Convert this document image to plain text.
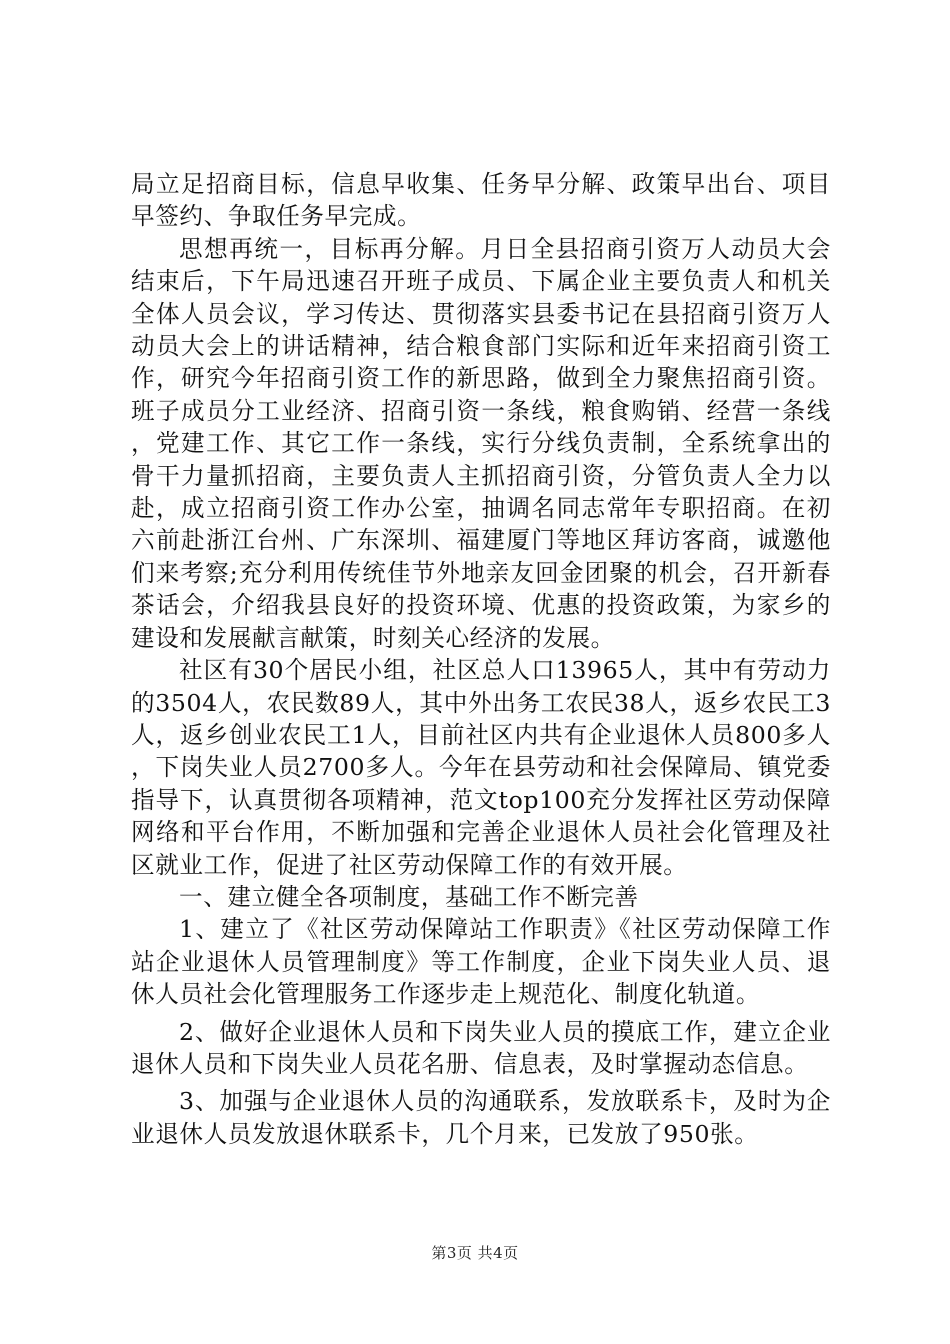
局立足招商目标，信息早收集、任务早分解、政策早出台、项目早签约、争取任务早完成。

思想再统一，目标再分解。月日全县招商引资万人动员大会结束后，下午局迅速召开班子成员、下属企业主要负责人和机关全体人员会议，学习传达、贯彻落实县委书记在县招商引资万人动员大会上的讲话精神，结合粮食部门实际和近年来招商引资工作，研究今年招商引资工作的新思路，做到全力聚焦招商引资。班子成员分工业经济、招商引资一条线，粮食购销、经营一条线，党建工作、其它工作一条线，实行分线负责制，全系统拿出的骨干力量抓招商，主要负责人主抓招商引资，分管负责人全力以赴，成立招商引资工作办公室，抽调名同志常年专职招商。在初六前赴浙江台州、广东深圳、福建厦门等地区拜访客商，诚邀他们来考察;充分利用传统佳节外地亲友回金团聚的机会，召开新春茶话会，介绍我县良好的投资环境、优惠的投资政策，为家乡的建设和发展献言献策，时刻关心经济的发展。

社区有30个居民小组，社区总人口13965人，其中有劳动力的3504人，农民数89人，其中外出务工农民38人，返乡农民工3人，返乡创业农民工1人，目前社区内共有企业退休人员800多人，下岗失业人员2700多人。今年在县劳动和社会保障局、镇党委指导下，认真贯彻各项精神，范文top100充分发挥社区劳动保障网络和平台作用，不断加强和完善企业退休人员社会化管理及社区就业工作，促进了社区劳动保障工作的有效开展。

一、建立健全各项制度，基础工作不断完善

1、建立了《社区劳动保障站工作职责》《社区劳动保障工作站企业退休人员管理制度》等工作制度，企业下岗失业人员、退休人员社会化管理服务工作逐步走上规范化、制度化轨道。

2、做好企业退休人员和下岗失业人员的摸底工作，建立企业退休人员和下岗失业人员花名册、信息表，及时掌握动态信息。

3、加强与企业退休人员的沟通联系，发放联系卡，及时为企业退休人员发放退休联系卡，几个月来，已发放了950张。

第3页 共4页
